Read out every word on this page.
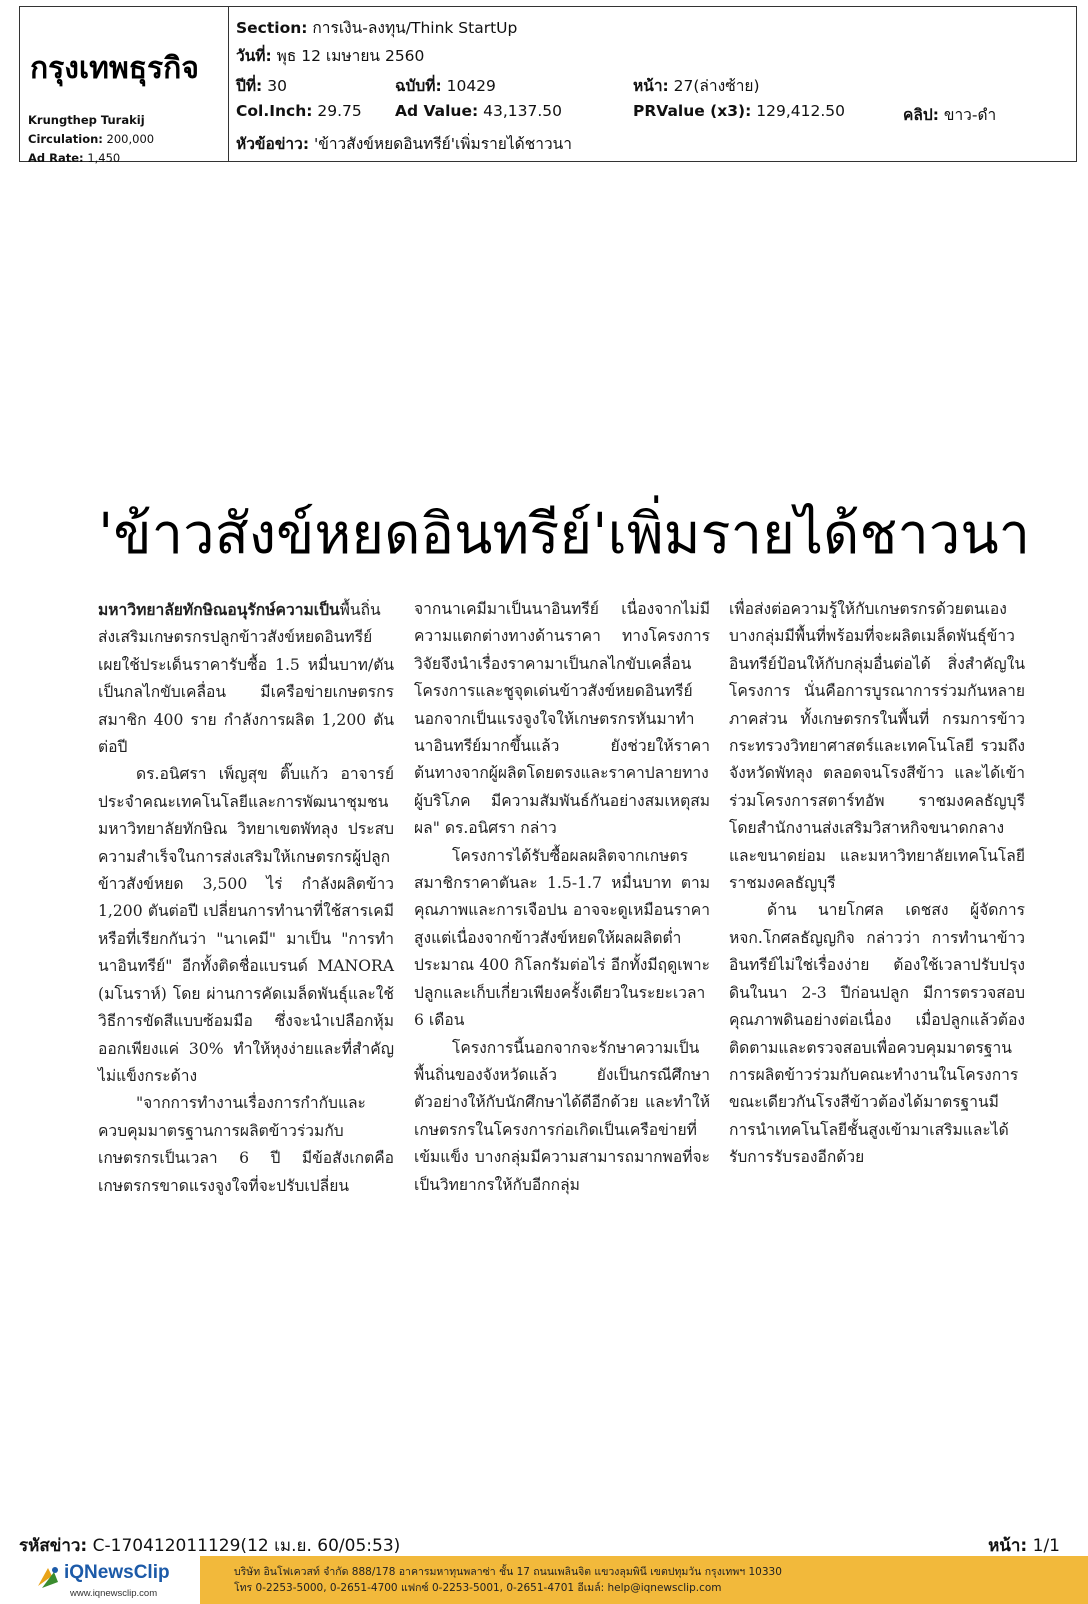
กรุงเทพธุรกิจ
Krungthep Turakij
Circulation: 200,000
Ad Rate: 1,450
Section: การเงิน-ลงทุน/Think StartUp
วันที่: พุธ 12 เมษายน 2560
ปีที่: 30	ฉบับที่: 10429	หน้า: 27(ล่างซ้าย)
Col.Inch: 29.75 Ad Value: 43,137.50	PRValue (x3): 129,412.50	คลิป: ขาว-ดำ
หัวข้อข่าว: 'ข้าวสังข์หยดอินทรีย์'เพิ่มรายได้ชาวนา
'ข้าวสังข์หยดอินทรีย์'เพิ่มรายได้ชาวนา

มหาวิทยาลัยทักษิณอนุรักษ์ความเป็นพื้นถิ่น ส่งเสริมเกษตรกรปลูกข้าวสังข์หยดอินทรีย์ เผยใช้ประเด็นราคารับซื้อ 1.5 หมื่นบาท/ตันเป็นกลไกขับเคลื่อน มีเครือข่ายเกษตรกรสมาชิก 400 ราย กำลังการผลิต 1,200 ตันต่อปี

ดร.อนิศรา เพ็ญสุข ติ๊บแก้ว อาจารย์ประจำคณะเทคโนโลยีและการพัฒนาชุมชน มหาวิทยาลัยทักษิณ วิทยาเขตพัทลุง ประสบความสำเร็จในการส่งเสริมให้เกษตรกรผู้ปลูกข้าวสังข์หยด 3,500 ไร่ กำลังผลิตข้าว 1,200 ตันต่อปี เปลี่ยนการทำนาที่ใช้สารเคมีหรือที่เรียกกันว่า "นาเคมี" มาเป็น "การทำนาอินทรีย์" อีกทั้งติดชื่อแบรนด์ MANORA (มโนราห์) โดย ผ่านการคัดเมล็ดพันธุ์และใช้วิธีการขัดสีแบบซ้อมมือ ซึ่งจะนำเปลือกหุ้มออกเพียงแค่ 30% ทำให้หุงง่ายและที่สำคัญไม่แข็งกระด้าง

"จากการทำงานเรื่องการกำกับและควบคุมมาตรฐานการผลิตข้าวร่วมกับเกษตรกรเป็นเวลา 6 ปี มีข้อสังเกตคือ เกษตรกรขาดแรงจูงใจที่จะปรับเปลี่ยน

จากนาเคมีมาเป็นนาอินทรีย์ เนื่องจากไม่มีความแตกต่างทางด้านราคา ทางโครงการวิจัยจึงนำเรื่องราคามาเป็นกลไกขับเคลื่อนโครงการและชูจุดเด่นข้าวสังข์หยดอินทรีย์ นอกจากเป็นแรงจูงใจให้เกษตรกรหันมาทำนาอินทรีย์มากขึ้นแล้ว ยังช่วยให้ราคาต้นทางจากผู้ผลิตโดยตรงและราคาปลายทางผู้บริโภค มีความสัมพันธ์กันอย่างสมเหตุสมผล" ดร.อนิศรา กล่าว

โครงการได้รับซื้อผลผลิตจากเกษตรสมาชิกราคาตันละ 1.5-1.7 หมื่นบาท ตามคุณภาพและการเจือปน อาจจะดูเหมือนราคาสูงแต่เนื่องจากข้าวสังข์หยดให้ผลผลิตต่ำ ประมาณ 400 กิโลกรัมต่อไร่ อีกทั้งมีฤดูเพาะปลูกและเก็บเกี่ยวเพียงครั้งเดียวในระยะเวลา 6 เดือน

โครงการนี้นอกจากจะรักษาความเป็นพื้นถิ่นของจังหวัดแล้ว ยังเป็นกรณีศึกษาตัวอย่างให้กับนักศึกษาได้ดีอีกด้วย และทำให้เกษตรกรในโครงการก่อเกิดเป็นเครือข่ายที่เข้มแข็ง บางกลุ่มมีความสามารถมากพอที่จะเป็นวิทยากรให้กับอีกกลุ่ม

เพื่อส่งต่อความรู้ให้กับเกษตรกรด้วยตนเอง บางกลุ่มมีพื้นที่พร้อมที่จะผลิตเมล็ดพันธุ์ข้าวอินทรีย์ป้อนให้กับกลุ่มอื่นต่อได้ สิ่งสำคัญในโครงการ นั่นคือการบูรณาการร่วมกันหลายภาคส่วน ทั้งเกษตรกรในพื้นที่ กรมการข้าว กระทรวงวิทยาศาสตร์และเทคโนโลยี รวมถึงจังหวัดพัทลุง ตลอดจนโรงสีข้าว และได้เข้าร่วมโครงการสตาร์ทอัพ ราชมงคลธัญบุรี โดยสำนักงานส่งเสริมวิสาหกิจขนาดกลางและขนาดย่อม และมหาวิทยาลัยเทคโนโลยีราชมงคลธัญบุรี

ด้าน นายโกศล เดชสง ผู้จัดการ หจก.โกศลธัญญกิจ กล่าวว่า การทำนาข้าวอินทรีย์ไม่ใช่เรื่องง่าย ต้องใช้เวลาปรับปรุงดินในนา 2-3 ปีก่อนปลูก มีการตรวจสอบคุณภาพดินอย่างต่อเนื่อง เมื่อปลูกแล้วต้องติดตามและตรวจสอบเพื่อควบคุมมาตรฐานการผลิตข้าวร่วมกับคณะทำงานในโครงการ ขณะเดียวกันโรงสีข้าวต้องได้มาตรฐานมีการนำเทคโนโลยีชั้นสูงเข้ามาเสริมและได้รับการรับรองอีกด้วย

รหัสข่าว: C-170412011129(12 เม.ย. 60/05:53)	หน้า: 1/1
iQNewsClip
www.iqnewsclip.com
บริษัท อินโฟเควสท์ จำกัด 888/178 อาคารมหาทุนพลาซ่า ชั้น 17 ถนนเพลินจิต แขวงลุมพินี เขตปทุมวัน กรุงเทพฯ 10330
โทร 0-2253-5000, 0-2651-4700 แฟกซ์ 0-2253-5001, 0-2651-4701 อีเมล์: help@iqnewsclip.com
